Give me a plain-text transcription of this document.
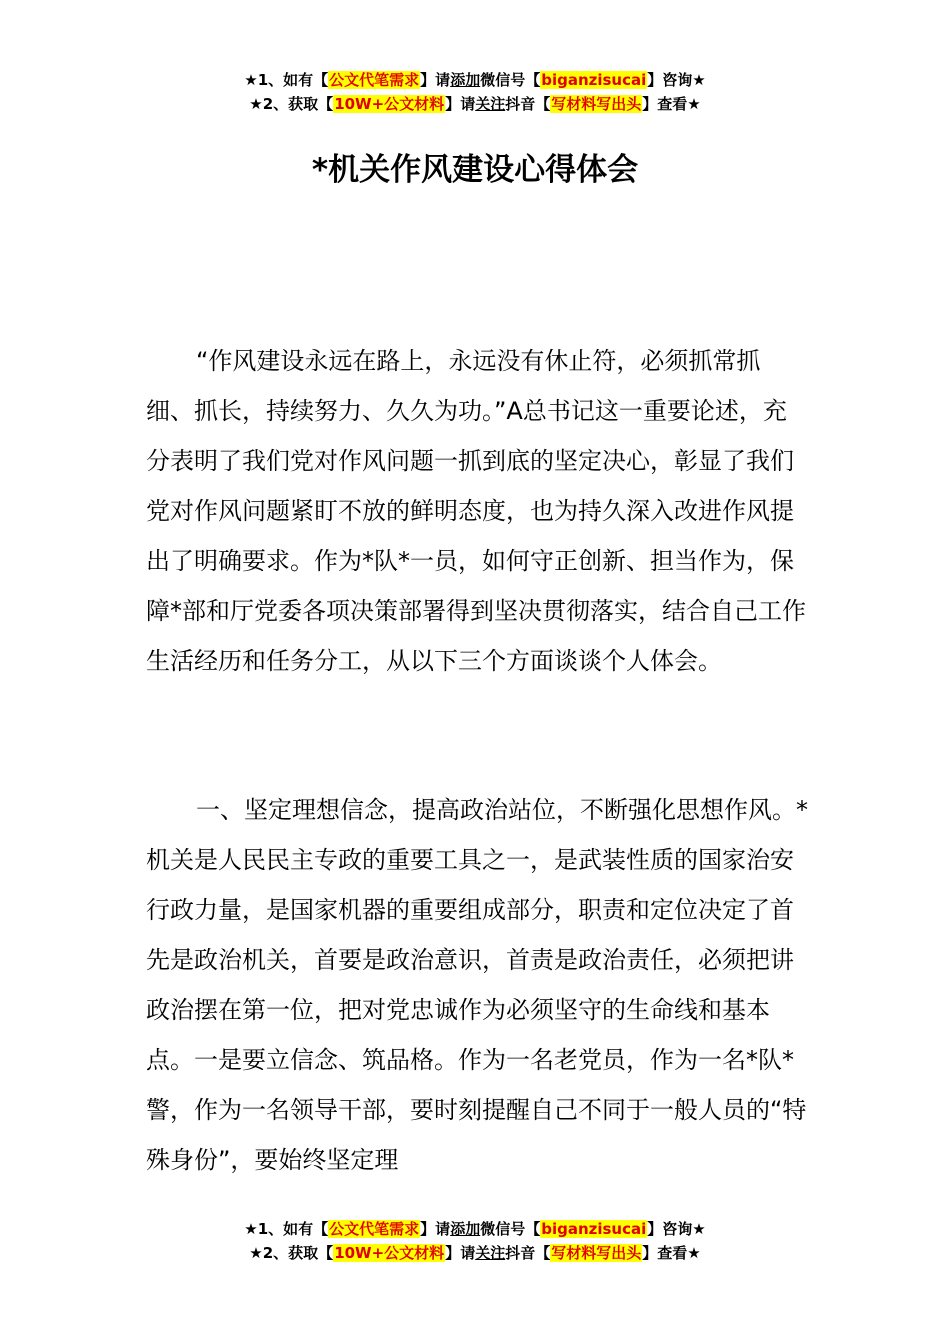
★1、如有【公文代笔需求】请添加微信号【biganzisucai】咨询★
★2、获取【10W+公文材料】请关注抖音【写材料写出头】查看★
*机关作风建设心得体会

“作风建设永远在路上，永远没有休止符，必须抓常抓细、抓长，持续努力、久久为功。”A总书记这一重要论述，充分表明了我们党对作风问题一抓到底的坚定决心，彰显了我们党对作风问题紧盯不放的鲜明态度，也为持久深入改进作风提出了明确要求。作为*队*一员，如何守正创新、担当作为，保障*部和厅党委各项决策部署得到坚决贯彻落实，结合自己工作生活经历和任务分工，从以下三个方面谈谈个人体会。

一、坚定理想信念，提高政治站位，不断强化思想作风。*机关是人民民主专政的重要工具之一，是武装性质的国家治安行政力量，是国家机器的重要组成部分，职责和定位决定了首先是政治机关，首要是政治意识，首责是政治责任，必须把讲政治摆在第一位，把对党忠诚作为必须坚守的生命线和基本点。一是要立信念、筑品格。作为一名老党员，作为一名*队*警，作为一名领导干部，要时刻提醒自己不同于一般人员的“特殊身份”，要始终坚定理

★1、如有【公文代笔需求】请添加微信号【biganzisucai】咨询★
★2、获取【10W+公文材料】请关注抖音【写材料写出头】查看★
